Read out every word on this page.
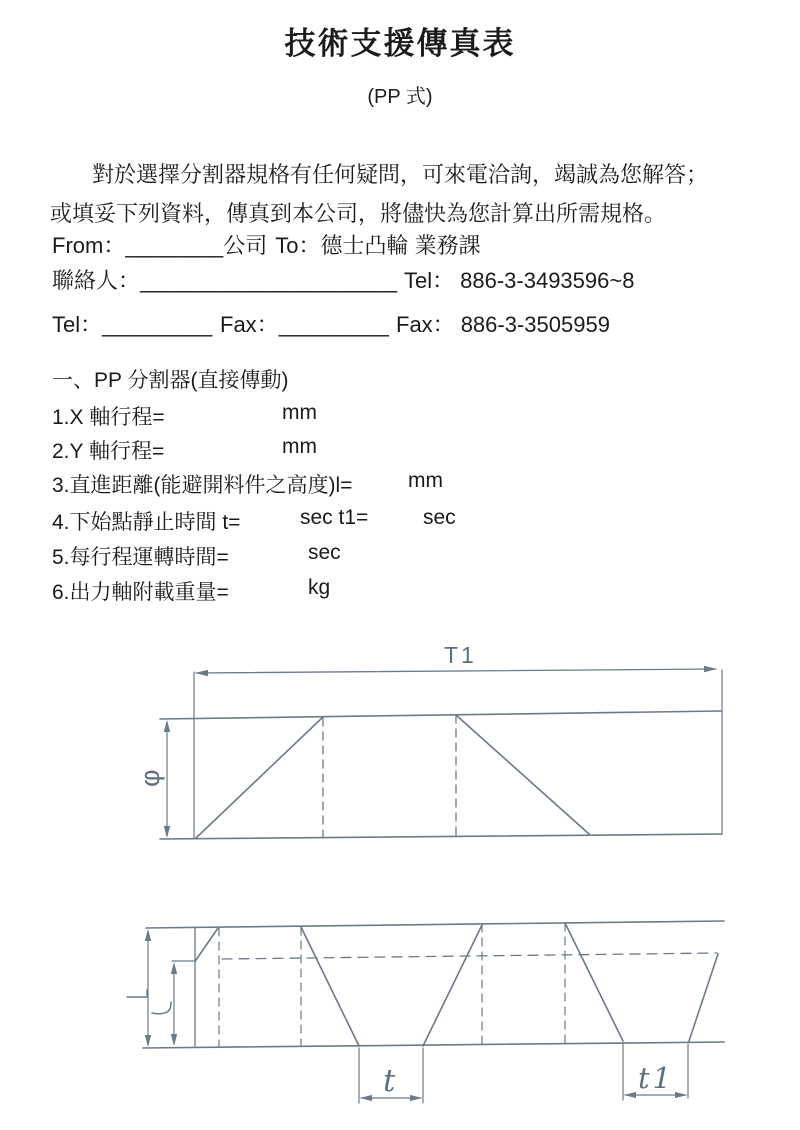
技術支援傳真表
(PP 式)
對於選擇分割器規格有任何疑問，可來電洽詢，竭誠為您解答；
或填妥下列資料，傳真到本公司，將儘快為您計算出所需規格。
From：________公司 To：德士凸輪 業務課
聯絡人：_____________________ Tel： 886-3-3493596~8
Tel：_________ Fax：_________ Fax： 886-3-3505959
一、PP 分割器(直接傳動)
1.X 軸行程=	mm
2.Y 軸行程=	mm
3.直進距離(能避開料件之高度)l=	mm
4.下始點靜止時間 t=	sec t1=	sec
5.每行程運轉時間=	sec
6.出力軸附載重量=	kg
T1
φ
t	t1
